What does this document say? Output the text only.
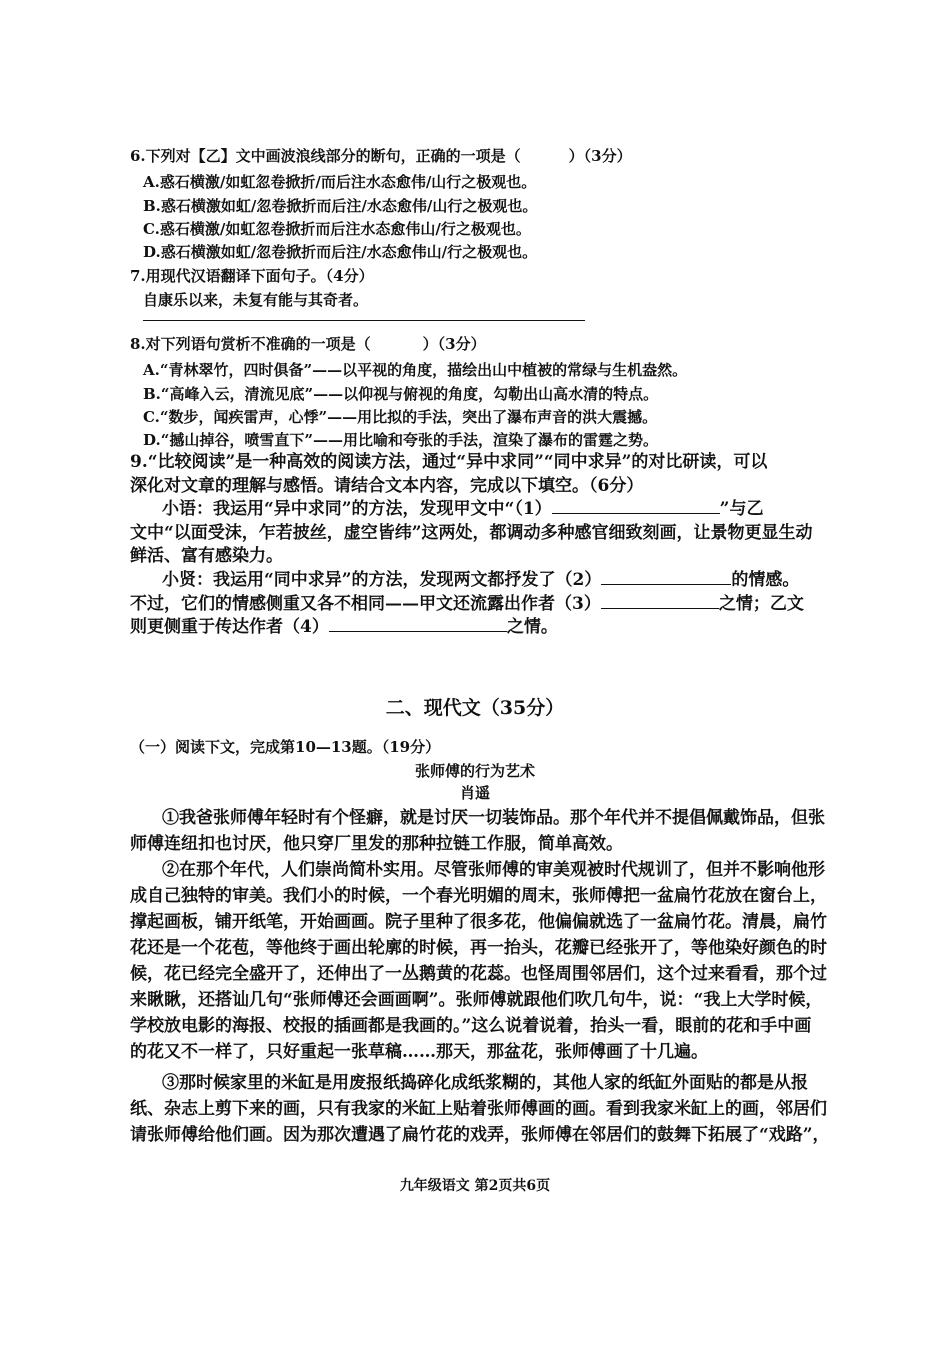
6.下列对【乙】文中画波浪线部分的断句，正确的一项是（	）（3分）
A.惑石横激/如虹忽卷掀折/而后注水态愈伟/山行之极观也。
B.惑石横激如虹/忽卷掀折而后注/水态愈伟/山行之极观也。
C.惑石横激/如虹忽卷掀折而后注水态愈伟山/行之极观也。
D.惑石横激如虹/忽卷掀折而后注/水态愈伟山/行之极观也。
7.用现代汉语翻译下面句子。（4分）
自康乐以来，未复有能与其奇者。
8.对下列语句赏析不准确的一项是（	）（3分）
A.“青林翠竹，四时俱备”——以平视的角度，描绘出山中植被的常绿与生机盎然。
B.“高峰入云，清流见底”——以仰视与俯视的角度，勾勒出山高水清的特点。
C.“数步，闻疾雷声，心悸”——用比拟的手法，突出了瀑布声音的洪大震撼。
D.“撼山掉谷，喷雪直下”——用比喻和夸张的手法，渲染了瀑布的雷霆之势。
9.“比较阅读”是一种高效的阅读方法，通过“异中求同”“同中求异”的对比研读，可以
深化对文章的理解与感悟。请结合文本内容，完成以下填空。（6分）
小语：我运用“异中求同”的方法，发现甲文中“（1）	”与乙
文中“以面受沫，乍若披丝，虚空皆纬”这两处，都调动多种感官细致刻画，让景物更显生动
鲜活、富有感染力。
小贤：我运用“同中求异”的方法，发现两文都抒发了（2）	的情感。
不过，它们的情感侧重又各不相同——甲文还流露出作者（3）	之情；乙文
则更侧重于传达作者（4）	之情。
二、现代文（35分）
（一）阅读下文，完成第10—13题。（19分）
张师傅的行为艺术
肖遥
①我爸张师傅年轻时有个怪癖，就是讨厌一切装饰品。那个年代并不提倡佩戴饰品，但张
师傅连纽扣也讨厌，他只穿厂里发的那种拉链工作服，简单高效。
②在那个年代，人们崇尚简朴实用。尽管张师傅的审美观被时代规训了，但并不影响他形
成自己独特的审美。我们小的时候，一个春光明媚的周末，张师傅把一盆扁竹花放在窗台上，
撑起画板，铺开纸笔，开始画画。院子里种了很多花，他偏偏就选了一盆扁竹花。清晨，扁竹
花还是一个花苞，等他终于画出轮廓的时候，再一抬头，花瓣已经张开了，等他染好颜色的时
候，花已经完全盛开了，还伸出了一丛鹅黄的花蕊。也怪周围邻居们，这个过来看看，那个过
来瞅瞅，还搭讪几句“张师傅还会画画啊”。张师傅就跟他们吹几句牛，说：“我上大学时候，
学校放电影的海报、校报的插画都是我画的。”这么说着说着，抬头一看，眼前的花和手中画
的花又不一样了，只好重起一张草稿……那天，那盆花，张师傅画了十几遍。
③那时候家里的米缸是用废报纸捣碎化成纸浆糊的，其他人家的纸缸外面贴的都是从报
纸、杂志上剪下来的画，只有我家的米缸上贴着张师傅画的画。看到我家米缸上的画，邻居们
请张师傅给他们画。因为那次遭遇了扁竹花的戏弄，张师傅在邻居们的鼓舞下拓展了“戏路”，
九年级语文 第2页共6页
